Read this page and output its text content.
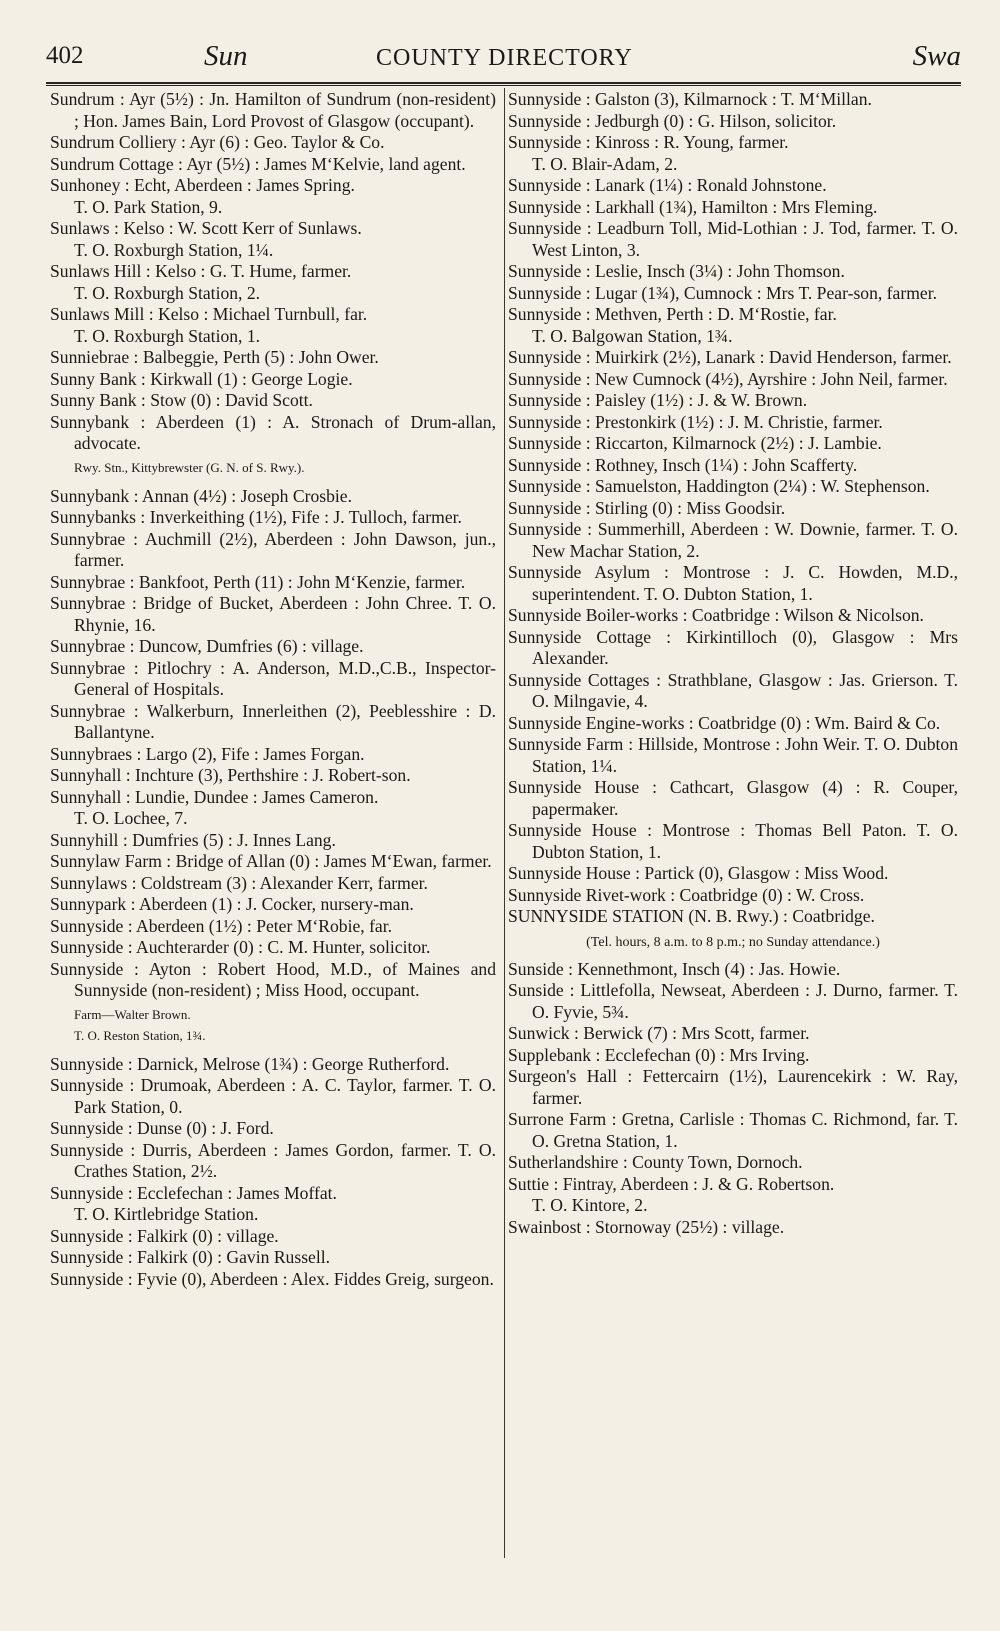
402	Sun	COUNTY DIRECTORY	Swa
Sundrum : Ayr (5½) : Jn. Hamilton of Sundrum (non-resident) ; Hon. James Bain, Lord Provost of Glasgow (occupant).
Sundrum Colliery : Ayr (6) : Geo. Taylor & Co.
Sundrum Cottage : Ayr (5½) : James M‘Kelvie, land agent.
Sunhoney : Echt, Aberdeen : James Spring.
T. O. Park Station, 9.
Sunlaws : Kelso : W. Scott Kerr of Sunlaws.
T. O. Roxburgh Station, 1¼.
Sunlaws Hill : Kelso : G. T. Hume, farmer.
T. O. Roxburgh Station, 2.
Sunlaws Mill : Kelso : Michael Turnbull, far.
T. O. Roxburgh Station, 1.
Sunniebrae : Balbeggie, Perth (5) : John Ower.
Sunny Bank : Kirkwall (1) : George Logie.
Sunny Bank : Stow (0) : David Scott.
Sunnybank : Aberdeen (1) : A. Stronach of Drum-allan, advocate.
Rwy. Stn., Kittybrewster (G. N. of S. Rwy.).
Sunnybank : Annan (4½) : Joseph Crosbie.
Sunnybanks : Inverkeithing (1½), Fife : J. Tulloch, farmer.
Sunnybrae : Auchmill (2½), Aberdeen : John Dawson, jun., farmer.
Sunnybrae : Bankfoot, Perth (11) : John M‘Kenzie, farmer.
Sunnybrae : Bridge of Bucket, Aberdeen : John Chree. T. O. Rhynie, 16.
Sunnybrae : Duncow, Dumfries (6) : village.
Sunnybrae : Pitlochry : A. Anderson, M.D.,C.B., Inspector-General of Hospitals.
Sunnybrae : Walkerburn, Innerleithen (2), Peeblesshire : D. Ballantyne.
Sunnybraes : Largo (2), Fife : James Forgan.
Sunnyhall : Inchture (3), Perthshire : J. Robert-son.
Sunnyhall : Lundie, Dundee : James Cameron.
T. O. Lochee, 7.
Sunnyhill : Dumfries (5) : J. Innes Lang.
Sunnylaw Farm : Bridge of Allan (0) : James M‘Ewan, farmer.
Sunnylaws : Coldstream (3) : Alexander Kerr, farmer.
Sunnypark : Aberdeen (1) : J. Cocker, nursery-man.
Sunnyside : Aberdeen (1½) : Peter M‘Robie, far.
Sunnyside : Auchterarder (0) : C. M. Hunter, solicitor.
Sunnyside : Ayton : Robert Hood, M.D., of Maines and Sunnyside (non-resident) ; Miss Hood, occupant.
Farm—Walter Brown.
T. O. Reston Station, 1¾.
Sunnyside : Darnick, Melrose (1¾) : George Rutherford.
Sunnyside : Drumoak, Aberdeen : A. C. Taylor, farmer. T. O. Park Station, 0.
Sunnyside : Dunse (0) : J. Ford.
Sunnyside : Durris, Aberdeen : James Gordon, farmer. T. O. Crathes Station, 2½.
Sunnyside : Ecclefechan : James Moffat.
T. O. Kirtlebridge Station.
Sunnyside : Falkirk (0) : village.
Sunnyside : Falkirk (0) : Gavin Russell.
Sunnyside : Fyvie (0), Aberdeen : Alex. Fiddes Greig, surgeon.
Sunnyside : Galston (3), Kilmarnock : T. M‘Millan.
Sunnyside : Jedburgh (0) : G. Hilson, solicitor.
Sunnyside : Kinross : R. Young, farmer.
T. O. Blair-Adam, 2.
Sunnyside : Lanark (1¼) : Ronald Johnstone.
Sunnyside : Larkhall (1¾), Hamilton : Mrs Fleming.
Sunnyside : Leadburn Toll, Mid-Lothian : J. Tod, farmer. T. O. West Linton, 3.
Sunnyside : Leslie, Insch (3¼) : John Thomson.
Sunnyside : Lugar (1¾), Cumnock : Mrs T. Pear-son, farmer.
Sunnyside : Methven, Perth : D. M‘Rostie, far.
T. O. Balgowan Station, 1¾.
Sunnyside : Muirkirk (2½), Lanark : David Henderson, farmer.
Sunnyside : New Cumnock (4½), Ayrshire : John Neil, farmer.
Sunnyside : Paisley (1½) : J. & W. Brown.
Sunnyside : Prestonkirk (1½) : J. M. Christie, farmer.
Sunnyside : Riccarton, Kilmarnock (2½) : J. Lambie.
Sunnyside : Rothney, Insch (1¼) : John Scafferty.
Sunnyside : Samuelston, Haddington (2¼) : W. Stephenson.
Sunnyside : Stirling (0) : Miss Goodsir.
Sunnyside : Summerhill, Aberdeen : W. Downie, farmer. T. O. New Machar Station, 2.
Sunnyside Asylum : Montrose : J. C. Howden, M.D., superintendent. T. O. Dubton Station, 1.
Sunnyside Boiler-works : Coatbridge : Wilson & Nicolson.
Sunnyside Cottage : Kirkintilloch (0), Glasgow : Mrs Alexander.
Sunnyside Cottages : Strathblane, Glasgow : Jas. Grierson. T. O. Milngavie, 4.
Sunnyside Engine-works : Coatbridge (0) : Wm. Baird & Co.
Sunnyside Farm : Hillside, Montrose : John Weir. T. O. Dubton Station, 1¼.
Sunnyside House : Cathcart, Glasgow (4) : R. Couper, papermaker.
Sunnyside House : Montrose : Thomas Bell Paton. T. O. Dubton Station, 1.
Sunnyside House : Partick (0), Glasgow : Miss Wood.
Sunnyside Rivet-work : Coatbridge (0) : W. Cross.
SUNNYSIDE STATION (N. B. Rwy.) : Coatbridge.
(Tel. hours, 8 a.m. to 8 p.m.; no Sunday attendance.)
Sunside : Kennethmont, Insch (4) : Jas. Howie.
Sunside : Littlefolla, Newseat, Aberdeen : J. Durno, farmer. T. O. Fyvie, 5¾.
Sunwick : Berwick (7) : Mrs Scott, farmer.
Supplebank : Ecclefechan (0) : Mrs Irving.
Surgeon's Hall : Fettercairn (1½), Laurencekirk : W. Ray, farmer.
Surrone Farm : Gretna, Carlisle : Thomas C. Richmond, far. T. O. Gretna Station, 1.
Sutherlandshire : County Town, Dornoch.
Suttie : Fintray, Aberdeen : J. & G. Robertson.
T. O. Kintore, 2.
Swainbost : Stornoway (25½) : village.
